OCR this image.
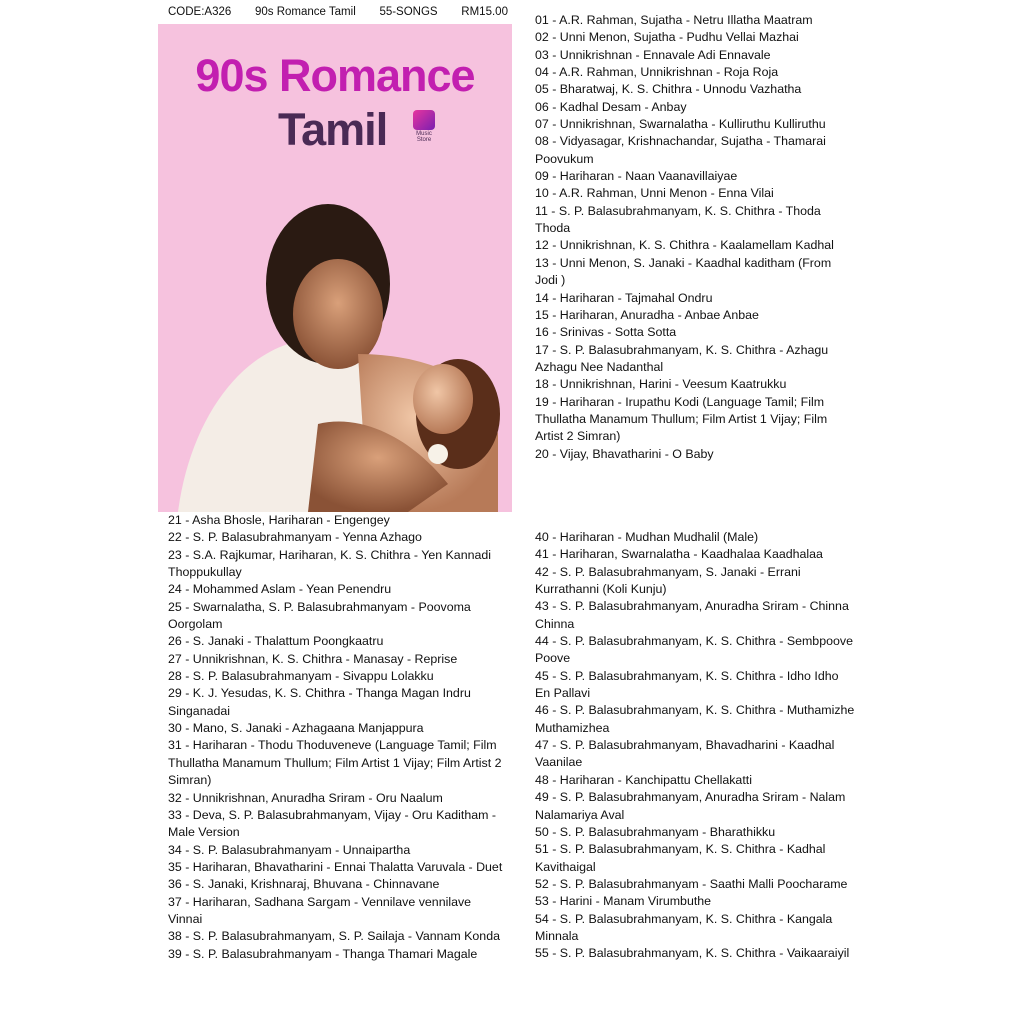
CODE:A326 90s Romance Tamil 55-SONGS RM15.00
90s Romance
Tamil	Music Store
01 - A.R. Rahman, Sujatha - Netru Illatha Maatram
02 - Unni Menon, Sujatha - Pudhu Vellai Mazhai
03 - Unnikrishnan - Ennavale Adi Ennavale
04 - A.R. Rahman, Unnikrishnan - Roja Roja
05 - Bharatwaj, K. S. Chithra - Unnodu Vazhatha
06 - Kadhal Desam - Anbay
07 - Unnikrishnan, Swarnalatha - Kulliruthu Kulliruthu
08 - Vidyasagar, Krishnachandar, Sujatha - Thamarai Poovukum
09 - Hariharan - Naan Vaanavillaiyae
10 - A.R. Rahman, Unni Menon - Enna Vilai
11 - S. P. Balasubrahmanyam, K. S. Chithra - Thoda Thoda
12 - Unnikrishnan, K. S. Chithra - Kaalamellam Kadhal
13 - Unni Menon, S. Janaki - Kaadhal kaditham (From Jodi )
14 - Hariharan - Tajmahal Ondru
15 - Hariharan, Anuradha - Anbae Anbae
16 - Srinivas - Sotta Sotta
17 - S. P. Balasubrahmanyam, K. S. Chithra - Azhagu Azhagu Nee Nadanthal
18 - Unnikrishnan, Harini - Veesum Kaatrukku
19 - Hariharan - Irupathu Kodi (Language Tamil; Film Thullatha Manamum Thullum; Film Artist 1 Vijay; Film Artist 2 Simran)
20 - Vijay, Bhavatharini - O Baby
21 - Asha Bhosle, Hariharan - Engengey
22 - S. P. Balasubrahmanyam - Yenna Azhago
23 - S.A. Rajkumar, Hariharan, K. S. Chithra - Yen Kannadi Thoppukullay
24 - Mohammed Aslam - Yean Penendru
25 - Swarnalatha, S. P. Balasubrahmanyam - Poovoma Oorgolam
26 - S. Janaki - Thalattum Poongkaatru
27 - Unnikrishnan, K. S. Chithra - Manasay - Reprise
28 - S. P. Balasubrahmanyam - Sivappu Lolakku
29 - K. J. Yesudas, K. S. Chithra - Thanga Magan Indru Singanadai
30 - Mano, S. Janaki - Azhagaana Manjappura
31 - Hariharan - Thodu Thoduveneve (Language Tamil; Film Thullatha Manamum Thullum; Film Artist 1 Vijay; Film Artist 2 Simran)
32 - Unnikrishnan, Anuradha Sriram - Oru Naalum
33 - Deva, S. P. Balasubrahmanyam, Vijay - Oru Kaditham - Male Version
34 - S. P. Balasubrahmanyam - Unnaipartha
35 - Hariharan, Bhavatharini - Ennai Thalatta Varuvala - Duet
36 - S. Janaki, Krishnaraj, Bhuvana - Chinnavane
37 - Hariharan, Sadhana Sargam - Vennilave vennilave Vinnai
38 - S. P. Balasubrahmanyam, S. P. Sailaja - Vannam Konda
39 - S. P. Balasubrahmanyam - Thanga Thamari Magale
40 - Hariharan - Mudhan Mudhalil (Male)
41 - Hariharan, Swarnalatha - Kaadhalaa Kaadhalaa
42 - S. P. Balasubrahmanyam, S. Janaki - Errani Kurrathanni (Koli Kunju)
43 - S. P. Balasubrahmanyam, Anuradha Sriram - Chinna Chinna
44 - S. P. Balasubrahmanyam, K. S. Chithra - Sembpoove Poove
45 - S. P. Balasubrahmanyam, K. S. Chithra - Idho Idho En Pallavi
46 - S. P. Balasubrahmanyam, K. S. Chithra - Muthamizhe Muthamizhea
47 - S. P. Balasubrahmanyam, Bhavadharini - Kaadhal Vaanilae
48 - Hariharan - Kanchipattu Chellakatti
49 - S. P. Balasubrahmanyam, Anuradha Sriram - Nalam Nalamariya Aval
50 - S. P. Balasubrahmanyam - Bharathikku
51 - S. P. Balasubrahmanyam, K. S. Chithra - Kadhal Kavithaigal
52 - S. P. Balasubrahmanyam - Saathi Malli Poocharame
53 - Harini - Manam Virumbuthe
54 - S. P. Balasubrahmanyam, K. S. Chithra - Kangala Minnala
55 - S. P. Balasubrahmanyam, K. S. Chithra - Vaikaaraiyil
